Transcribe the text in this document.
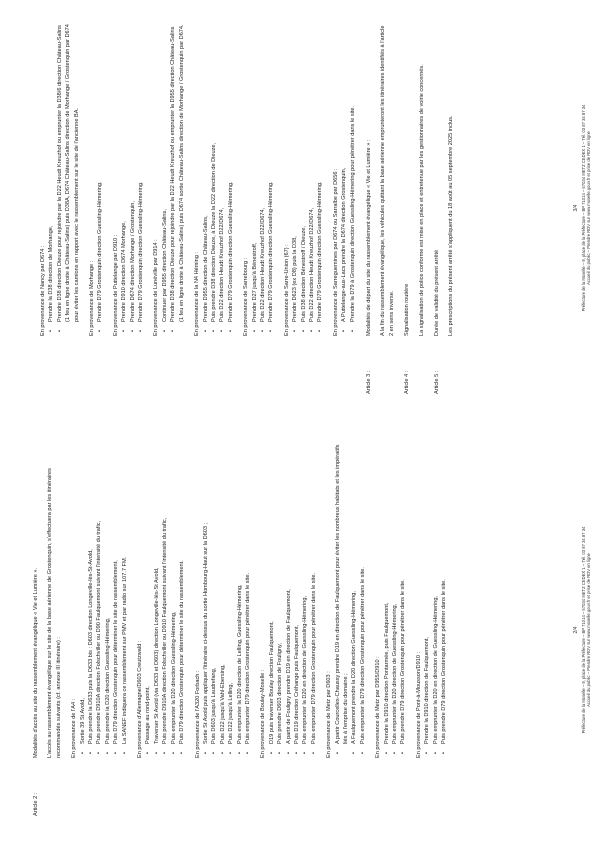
Article 2 :

Modalités d'accès au site du rassemblement évangélique « Vie et Lumière ». L'accès au rassemblement évangélique sur le site de la base aérienne de Grostenquin, s'effectuera par les itinéraires recommandés suivants (cf. annexe III itinéraire) : En provenance de l'A4 : • Sortie 39 St Avold, • Puis prendre la D633 puis la D633 bis : D603 direction Longeville-lès-St-Avold, • Puis prendre D910A direction Folschviller ou D90 Faulquemont suivant l'intensité du trafic, • Puis prendre la D20 direction Guessling-Hémering, • Puis D79 direction Grostenquin pour déterminer le site de rassemblement, • La SANEF indiquera ce rassemblement sur PMV et par radio sur 107.7 FM. En provenance d'Allemagne/D603 Creutzwald : • Passage au rond-point, • Traverser St Avold (via D633 et D603) direction Longeville-lès-St Avold, • Puis prendre D910A direction Folschviller ou D910 Faulquemont suivant l'intensité du trafic, • Puis emprunter la D20 direction Guessling-Hémering, • Puis D79 direction Grostenquin pour déterminer le site du rassemblement. En provenance de l'A320 Forbach : • Sortie St Avold puis appliquer l'itinéraire ci-dessus du sortie Hombourg-Haut sur la D603 ; • Puis D603 jusqu'à Laudrefang, • Puis D22 jusqu'à Vahl-Ebersing, • Puis D22 jusqu'à Lelling, • Puis emprunter la D20 direction de Lelling, Guessling-Hémering, • Puis emprunter D79 direction Grostenquin pour pénétrer dans le site. En provenance de Boulay-Moselle : • D19 puis traverser Boulay direction Faulquemont, • Puis prendre D603 direction de Fouligny, • A partir de Fouligny prendre D19 en direction de Faulquemont, • Puis D19 direction Créhange puis Faulquemont, • Puis emprunter la D20 en direction de Guessling-Hémering, • Puis emprunter D79 direction Grostenquin pour pénétrer dans le site. En provenance de Metz par D603 : • A partir Courcelles-Chaussy prendre D19 en direction de Faulquemont pour éviter les nombreux habitats et les impératifs liés à l'emprise du domaine ; • A Faulquemont prendre la D20 direction Guessling-Hémering, • Puis emprunter la D79 direction Grostenquin pour pénétrer dans le site. En provenance de Metz par D955/D910 : • Prendre la D910 direction Pontarmée, puis Faulquemont, • Puis emprunter la D20 direction de Guessling-Hémering, • Puis prendre D79 direction Grostenquin pour pénétrer dans le site. En provenance de Pont-à-Mousson/D910 : • Prendre la D910 direction de Faulquemont, • Puis emprunter la D20 en direction de Guessling-Hémering, • Puis prendre D79 direction Grostenquin pour pénétrer dans le site.	2/4 Préfecture de la Moselle – 9, place de la Préfecture – BP 71014 – 57034 METZ CEDEX 1 – Tél. 03 87 34 87 34 Accueil du public – Prendre RDV sur www.moselle.gouv.fr et prise de RDV en ligne

En provenance de Nancy par D674 : • Prendre la D38 direction de Morhange, • Prendre D38 direction Dieuze pour rejoindre par la D22 Heudt Kreuzhof ou emprunter la D38/6 direction Château-Salins (1 feu en ligne droite à Château-Salins) puis D38A, D674 Château-Salins direction de Morhange / Grostenquin par D674 pour éviter les camions en rapport avec le rassemblement sur le site de l'ancienne BA. En provenance de Morhange : • Prendre D79 Grostenquin direction Guessling-Hémering. En provenance de Puttelange par D910 : • Prendre D910 direction D674 Morhange, • Prendre D674 direction Morhange / Grostenquin, • Prendre D79 Grostenquin direction Guessling-Hémering. En provenance de Lunéville par D914 : • Continuer par D955 direction Château-Salins, • Prendre D38 direction Dieuze pour rejoindre par la D22 Heudt Kreuzhof ou emprunter la D955 direction Château-Salins (1 feu en ligne droite à Château-Salins) puis D674 sortie Château-Salins direction de Morhange / Grostenquin par D674. En provenance de la N4 Héming : • Prendre D955 direction de Château-Salins, • Puis prendre D38 direction Dieuze, à Dieuze la D22 direction de Dieuze, • Puis D22 direction Heudt Kreuzhof D22/D674, • Prendre D79 Grostenquin direction Guessling-Hémering. En provenance de Sarrebourg : • Prendre D27 jusqu'à Bénestroff, • Puis D22 direction Heudt Kreuzhof D22/D674, • Prendre D79 Grostenquin direction Guessling-Hémering. En provenance de Sarre-Union (67) : • Prendre D623 (ex D8) puis la D38, • Puis D38 direction Bénestroff / Dieuze, • Puis D22 direction Heudt Kreuzhof D22/D674, • Prendre D79 Grostenquin direction Guessling-Hémering. En provenance de Sarreguemines par D674 ou Sarralbe par D656 : • A Puttelange-aux-Lacs prendre la D674 direction Grostenquin, • Prendre la D79 à Grostenquin direction Guessling-Hémering pour pénétrer dans le site.
Article 3 :

Modalités de départ du site du rassemblement évangélique « Vie et Lumière » : A la fin du rassemblement évangélique, les véhicules quittant la base aérienne emprunteront les itinéraires identifiés à l'article 2 en sens inverse.

Article 4 :

Signalisation routière La signalisation de police conforme est mise en place et entretenue par les gestionnaires de voirie concernés.

Article 5 :

Durée de validité du présent arrêté Les prescriptions du présent arrêté s'appliquent du 18 août au 05 septembre 2025 inclus.	3/4 Préfecture de la Moselle – 9, place de la Préfecture – BP 71014 – 57034 METZ CEDEX 1 – Tél. 03 87 34 87 34 Accueil du public – Prendre RDV sur www.moselle.gouv.fr et prise de RDV en ligne
